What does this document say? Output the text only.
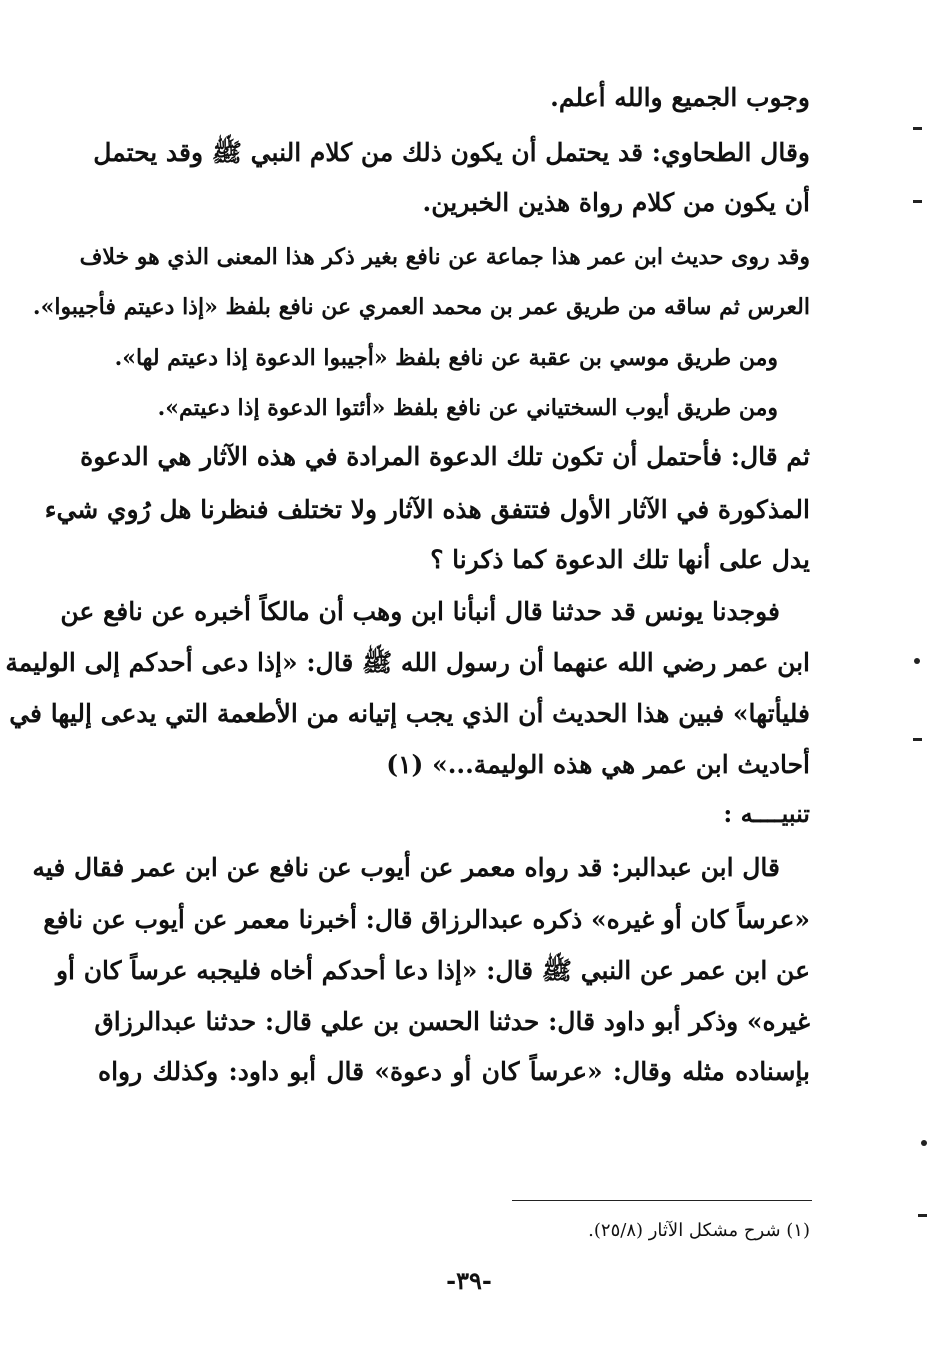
وجوب الجميع والله أعلم.
وقال الطحاوي: قد يحتمل أن يكون ذلك من كلام النبي ﷺ وقد يحتمل
أن يكون من كلام رواة هذين الخبرين.
وقد روى حديث ابن عمر هذا جماعة عن نافع بغير ذكر هذا المعنى الذي هو خلاف
العرس ثم ساقه من طريق عمر بن محمد العمري عن نافع بلفظ «إذا دعيتم فأجيبوا».
ومن طريق موسي بن عقبة عن نافع بلفظ «أجيبوا الدعوة إذا دعيتم لها».
ومن طريق أيوب السختياني عن نافع بلفظ «أئتوا الدعوة إذا دعيتم».
ثم قال: فأحتمل أن تكون تلك الدعوة المرادة في هذه الآثار هي الدعوة
المذكورة في الآثار الأول فتتفق هذه الآثار ولا تختلف فنظرنا هل رُوي شيء
يدل على أنها تلك الدعوة كما ذكرنا ؟
فوجدنا يونس قد حدثنا قال أنبأنا ابن وهب أن مالكاً أخبره عن نافع عن
ابن عمر رضي الله عنهما أن رسول الله ﷺ قال: «إذا دعى أحدكم إلى الوليمة
فليأتها» فبين هذا الحديث أن الذي يجب إتيانه من الأطعمة التي يدعى إليها في
أحاديث ابن عمر هي هذه الوليمة...» (١)
تنبيــــه :
قال ابن عبدالبر: قد رواه معمر عن أيوب عن نافع عن ابن عمر فقال فيه
«عرساً كان أو غيره» ذكره عبدالرزاق قال: أخبرنا معمر عن أيوب عن نافع
عن ابن عمر عن النبي ﷺ قال: «إذا دعا أحدكم أخاه فليجبه عرساً كان أو
غيره» وذكر أبو داود قال: حدثنا الحسن بن علي قال: حدثنا عبدالرزاق
بإسناده مثله وقال: «عرساً كان أو دعوة» قال أبو داود: وكذلك رواه
(١) شرح مشكل الآثار (٢٥/٨).
-٣٩-
